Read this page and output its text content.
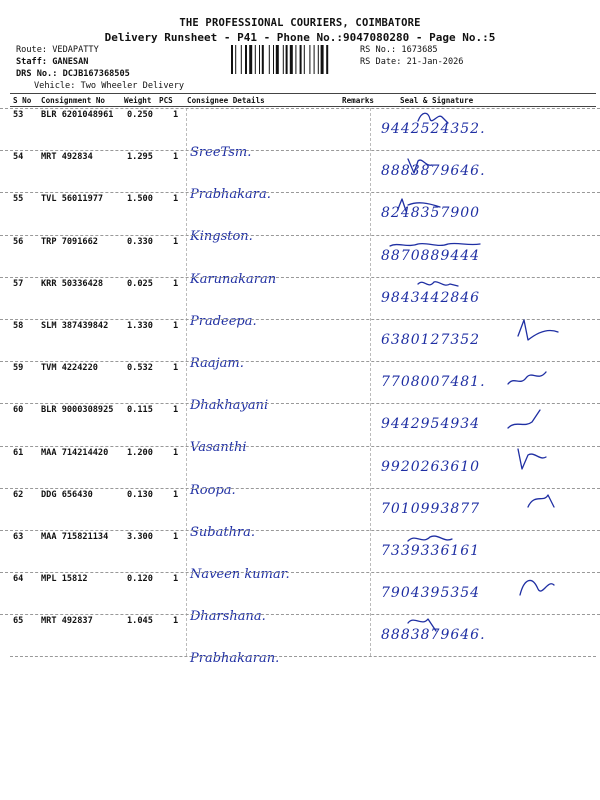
THE PROFESSIONAL COURIERS, COIMBATORE
Delivery Runsheet - P41 - Phone No.:9047080280 - Page No.:5
Route: VEDAPATTY
Staff: GANESAN
DRS No.: DCJB167368505
Vehicle: Two Wheeler Delivery
RS No.: 1673685
RS Date: 21-Jan-2026
S No Consignment No Weight PCS Consignee Details	Remarks	Seal & Signature
53 BLR 6201048961 0.250 1
SreeTsm.
9442524352.
54 MRT 492834	1.295 1
Prabhakara.
8883879646.
55 TVL 56011977	1.500 1
Kingston.
8248357900
56 TRP 7091662	0.330 1
Karunakaran
8870889444
57 KRR 50336428	0.025 1
Pradeepa.
9843442846
58 SLM 387439842 1.330 1
Raajam.
6380127352
59 TVM 4224220	0.532 1
Dhakhayani
7708007481.
60 BLR 9000308925 0.115 1
Vasanthi
9442954934
61 MAA 714214420 1.200 1
Roopa.
9920263610
62 DDG 656430	0.130 1
Subathra.
7010993877
63 MAA 715821134 3.300 1
Naveen kumar.
7339336161
64 MPL 15812	0.120 1
Dharshana.
7904395354
65 MRT 492837	1.045 1
Prabhakaran.
8883879646.
